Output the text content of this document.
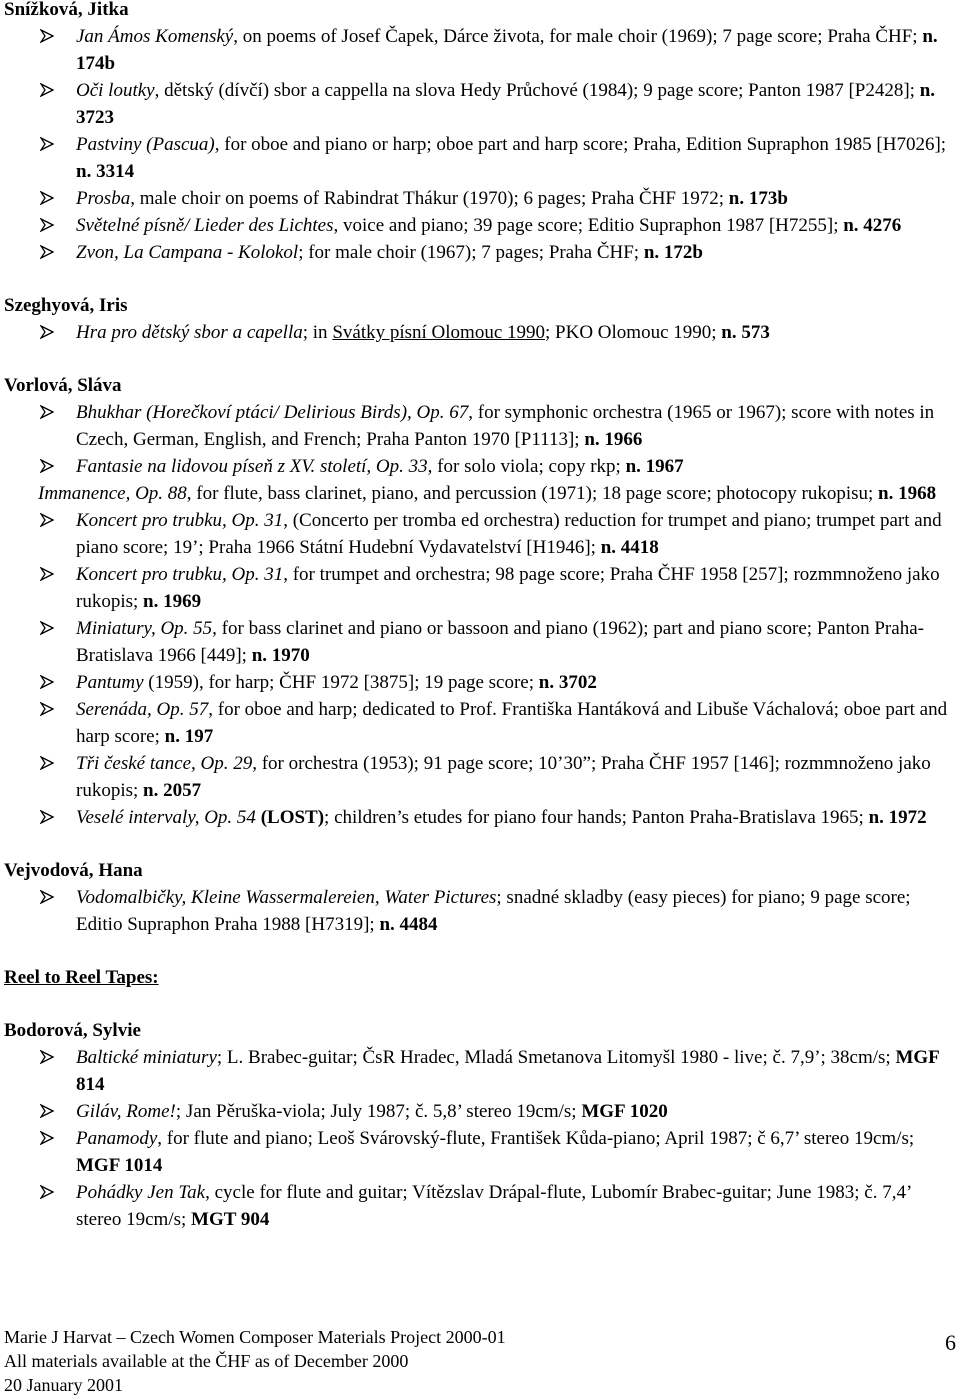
Snížková, Jitka
Jan Ámos Komenský, on poems of Josef Čapek, Dárce života, for male choir (1969); 7 page score; Praha ČHF; n. 174b
Oči loutky, dětský (dívčí) sbor a cappella na slova Hedy Průchové (1984); 9 page score; Panton 1987 [P2428]; n. 3723
Pastviny (Pascua), for oboe and piano or harp; oboe part and harp score; Praha, Edition Supraphon 1985 [H7026]; n. 3314
Prosba, male choir on poems of Rabindrat Thákur (1970); 6 pages; Praha ČHF 1972; n. 173b
Světelné písně/ Lieder des Lichtes, voice and piano; 39 page score; Editio Supraphon 1987 [H7255]; n. 4276
Zvon, La Campana - Kolokol; for male choir (1967); 7 pages; Praha ČHF; n. 172b
Szeghyová, Iris
Hra pro dětský sbor a capella; in Svátky písní Olomouc 1990; PKO Olomouc 1990; n. 573
Vorlová, Sláva
Bhukhar (Horečkoví ptáci/ Delirious Birds), Op. 67, for symphonic orchestra (1965 or 1967); score with notes in Czech, German, English, and French; Praha Panton 1970 [P1113]; n. 1966
Fantasie na lidovou píseň z XV. století, Op. 33, for solo viola; copy rkp; n. 1967
Immanence, Op. 88, for flute, bass clarinet, piano, and percussion (1971); 18 page score; photocopy rukopisu; n. 1968
Koncert pro trubku, Op. 31, (Concerto per tromba ed orchestra) reduction for trumpet and piano; trumpet part and piano score; 19’; Praha 1966 Státní Hudební Vydavatelství [H1946]; n. 4418
Koncert pro trubku, Op. 31, for trumpet and orchestra; 98 page score; Praha ČHF 1958 [257]; rozmmnoženo jako rukopis; n. 1969
Miniatury, Op. 55, for bass clarinet and piano or bassoon and piano (1962); part and piano score; Panton Praha-Bratislava 1966 [449]; n. 1970
Pantumy (1959), for harp; ČHF 1972 [3875]; 19 page score; n. 3702
Serenáda, Op. 57, for oboe and harp; dedicated to Prof. Františka Hantáková and Libuše Váchalová; oboe part and harp score; n. 197
Tři české tance, Op. 29, for orchestra (1953); 91 page score; 10’30”; Praha ČHF 1957 [146]; rozmmnoženo jako rukopis; n. 2057
Veselé intervaly, Op. 54 (LOST); children’s etudes for piano four hands; Panton Praha-Bratislava 1965; n. 1972
Vejvodová, Hana
Vodomalbičky, Kleine Wassermalereien, Water Pictures; snadné skladby (easy pieces) for piano; 9 page score; Editio Supraphon Praha 1988 [H7319]; n. 4484
Reel to Reel Tapes:
Bodorová, Sylvie
Baltické miniatury; L. Brabec-guitar; ČsR Hradec, Mladá Smetanova Litomyšl 1980 - live; č. 7,9’; 38cm/s; MGF 814
Giláv, Rome!; Jan Pěruška-viola; July 1987; č. 5,8’ stereo 19cm/s; MGF 1020
Panamody, for flute and piano; Leoš Svárovský-flute, František Kůda-piano; April 1987; č 6,7’ stereo 19cm/s; MGF 1014
Pohádky Jen Tak, cycle for flute and guitar; Vítězslav Drápal-flute, Lubomír Brabec-guitar; June 1983; č. 7,4’ stereo 19cm/s; MGT 904
Marie J Harvat – Czech Women Composer Materials Project 2000-01
All materials available at the ČHF as of December 2000
20 January 2001
6
